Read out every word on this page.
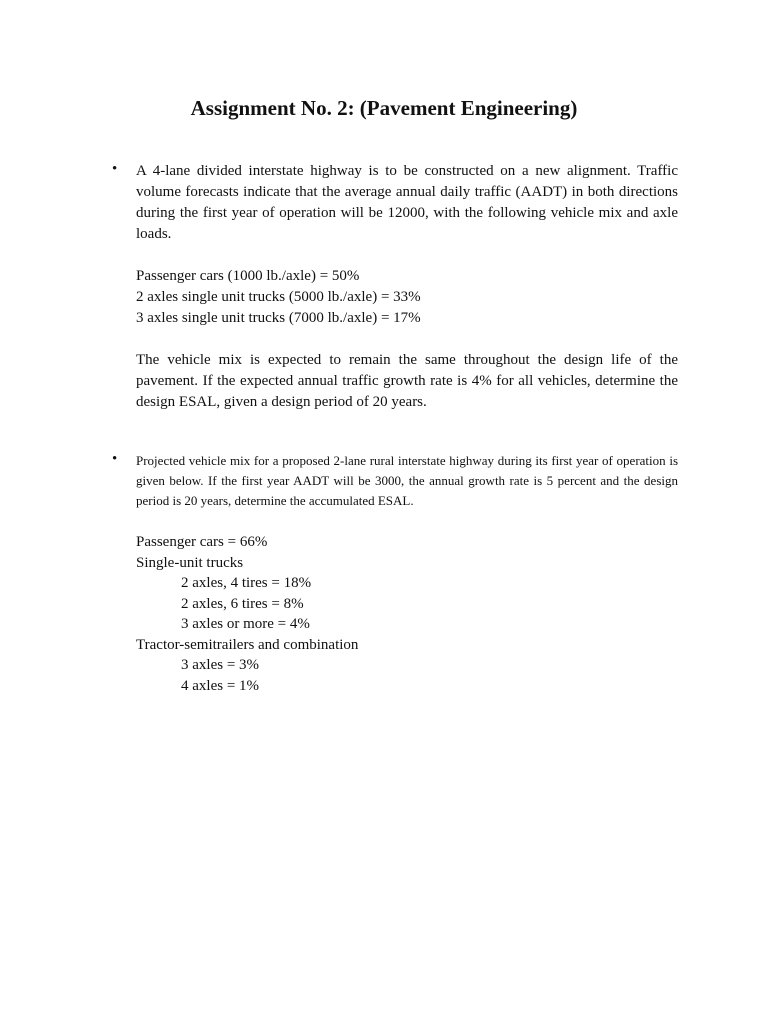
Assignment No. 2: (Pavement Engineering)
• A 4-lane divided interstate highway is to be constructed on a new alignment. Traffic volume forecasts indicate that the average annual daily traffic (AADT) in both directions during the first year of operation will be 12000, with the following vehicle mix and axle loads.

Passenger cars (1000 lb./axle) = 50%
2 axles single unit trucks (5000 lb./axle) = 33%
3 axles single unit trucks (7000 lb./axle) = 17%

The vehicle mix is expected to remain the same throughout the design life of the pavement. If the expected annual traffic growth rate is 4% for all vehicles, determine the design ESAL, given a design period of 20 years.

• Projected vehicle mix for a proposed 2-lane rural interstate highway during its first year of operation is given below. If the first year AADT will be 3000, the annual growth rate is 5 percent and the design period is 20 years, determine the accumulated ESAL.

Passenger cars = 66%
Single-unit trucks
2 axles, 4 tires = 18%
2 axles, 6 tires = 8%
3 axles or more = 4%
Tractor-semitrailers and combination
3 axles = 3%
4 axles = 1%
